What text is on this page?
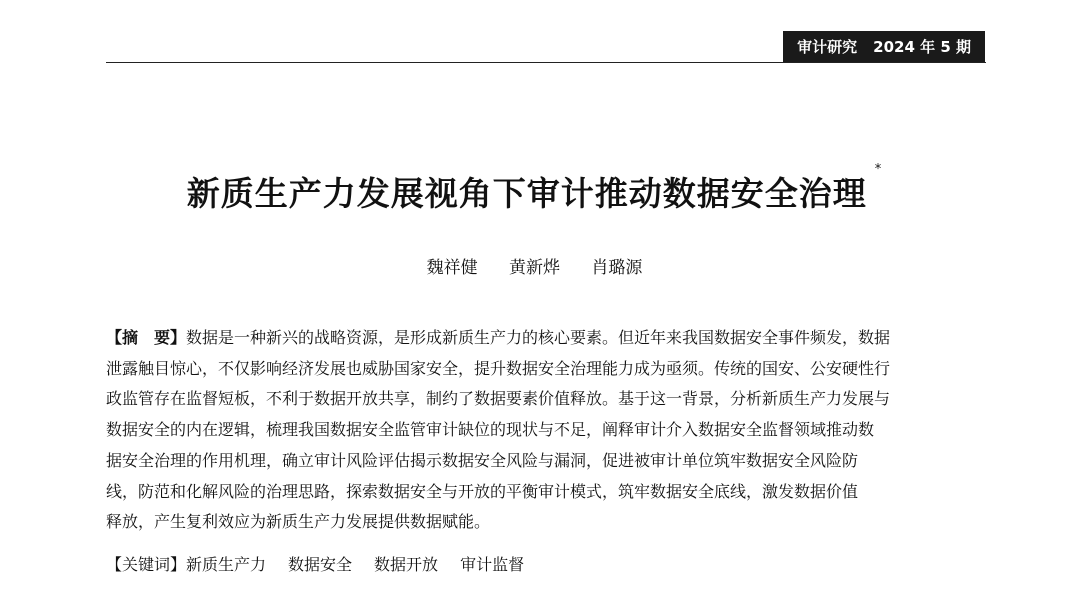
审计研究 2024 年 5 期
新质生产力发展视角下审计推动数据安全治理*
魏祥健 黄新烨 肖璐源
【摘　要】数据是一种新兴的战略资源，是形成新质生产力的核心要素。但近年来我国数据安全事件频发，数据
泄露触目惊心，不仅影响经济发展也威胁国家安全，提升数据安全治理能力成为亟须。传统的国安、公安硬性行
政监管存在监督短板，不利于数据开放共享，制约了数据要素价值释放。基于这一背景，分析新质生产力发展与
数据安全的内在逻辑，梳理我国数据安全监管审计缺位的现状与不足，阐释审计介入数据安全监督领域推动数
据安全治理的作用机理，确立审计风险评估揭示数据安全风险与漏洞，促进被审计单位筑牢数据安全风险防
线，防范和化解风险的治理思路，探索数据安全与开放的平衡审计模式，筑牢数据安全底线，激发数据价值
释放，产生复利效应为新质生产力发展提供数据赋能。
【关键词】新质生产力 数据安全 数据开放 审计监督
